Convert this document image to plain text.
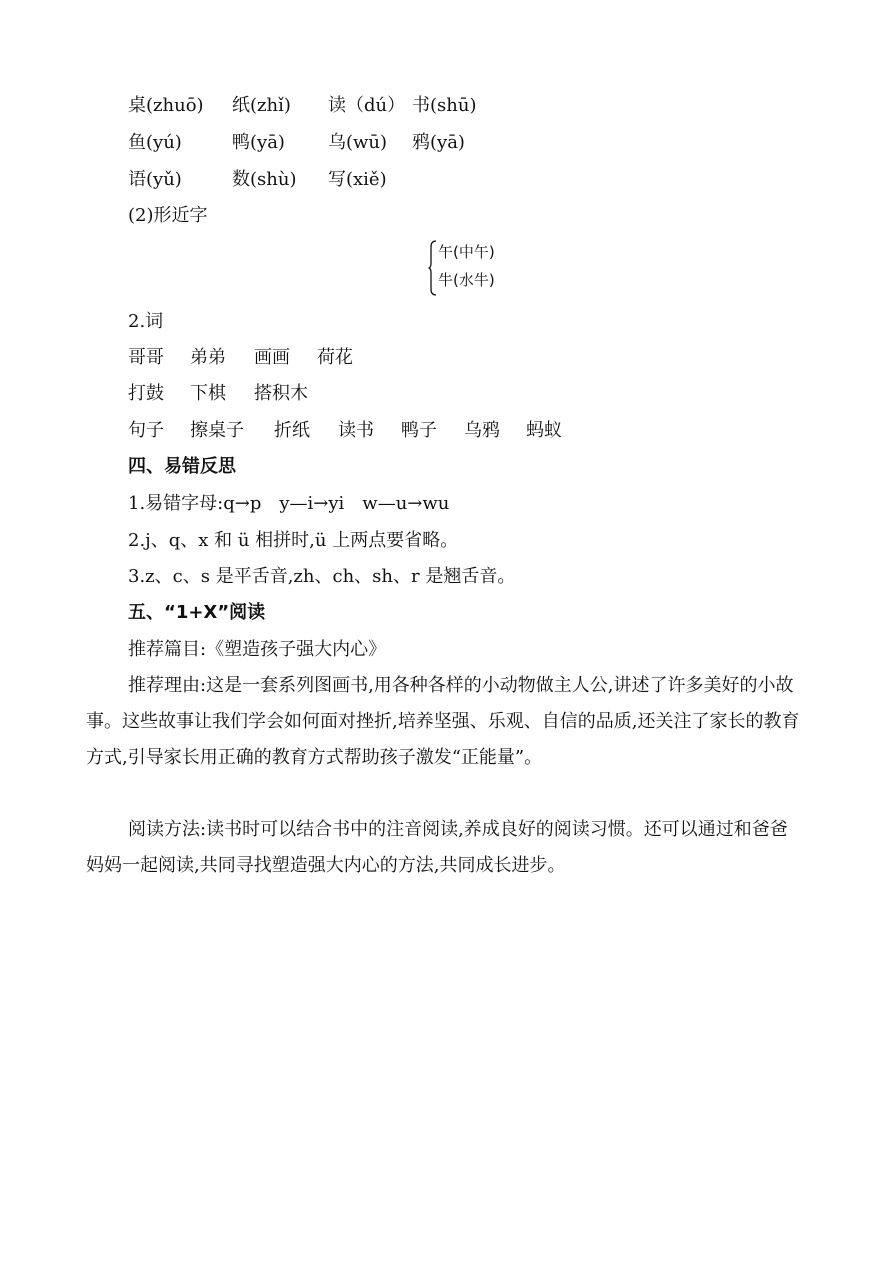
桌(zhuō) 纸(zhǐ) 读（dú） 书(shū)
鱼(yú)	鸭(yā) 乌(wū) 鸦(yā)
语(yǔ)	数(shù) 写(xiě)
(2)形近字
午(中午)
牛(水牛)
2.词
哥哥 弟弟 画画 荷花
打鼓 下棋 搭积木
句子 擦桌子 折纸 读书 鸭子 乌鸦 蚂蚁
四、易错反思
1.易错字母:q→p　y—i→yi　w—u→wu
2.j、q、x 和 ü 相拼时,ü 上两点要省略。
3.z、c、s 是平舌音,zh、ch、sh、r 是翘舌音。
五、“1+X”阅读
推荐篇目:《塑造孩子强大内心》
推荐理由:这是一套系列图画书,用各种各样的小动物做主人公,讲述了许多美好的小故事。这些故事让我们学会如何面对挫折,培养坚强、乐观、自信的品质,还关注了家长的教育方式,引导家长用正确的教育方式帮助孩子激发“正能量”。
阅读方法:读书时可以结合书中的注音阅读,养成良好的阅读习惯。还可以通过和爸爸妈妈一起阅读,共同寻找塑造强大内心的方法,共同成长进步。
